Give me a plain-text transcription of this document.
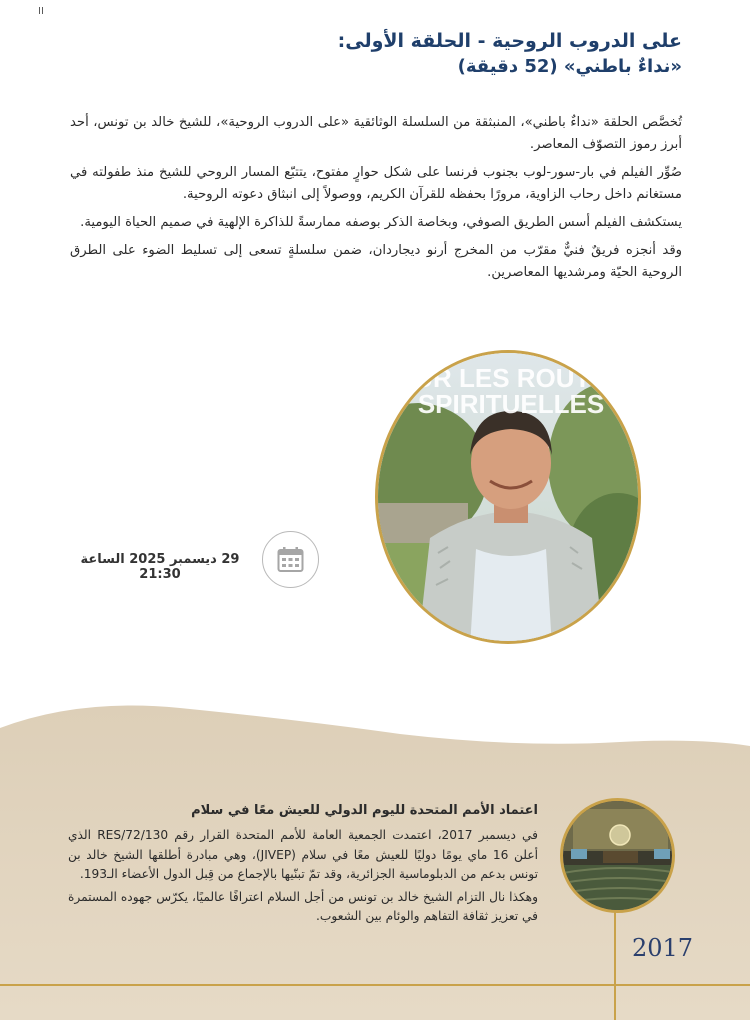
II
على الدروب الروحية - الحلقة الأولى:
«نداءٌ باطني» (52 دقيقة)

تُخصَّص الحلقة «نداءٌ باطني»، المنبثقة من السلسلة الوثائقية «على الدروب الروحية»، للشيخ خالد بن تونس، أحد أبرز رموز التصوّف المعاصر.

صُوِّر الفيلم في بار-سور-لوب بجنوب فرنسا على شكل حوارٍ مفتوح، يتتبّع المسار الروحي للشيخ منذ طفولته في مستغانم داخل رحاب الزاوية، مرورًا بحفظه للقرآن الكريم، ووصولاً إلى انبثاق دعوته الروحية.

يستكشف الفيلم أسس الطريق الصوفي، وبخاصة الذكر بوصفه ممارسةً للذاكرة الإلهية في صميم الحياة اليومية.

وقد أنجزه فريقٌ فنيٌّ مقرّب من المخرج أرنو ديجاردان، ضمن سلسلةٍ تسعى إلى تسليط الضوء على الطرق الروحية الحيّة ومرشديها المعاصرين.

UR LES ROUTE
SPIRITUELLES
29 ديسمبر 2025 الساعة 21:30
اعتماد الأمم المتحدة لليوم الدولي للعيش معًا في سلام

في ديسمبر 2017، اعتمدت الجمعية العامة للأمم المتحدة القرار رقم RES/72/130 الذي أعلن 16 ماي يومًا دوليًا للعيش معًا في سلام (JIVEP)، وهي مبادرة أطلقها الشيخ خالد بن تونس بدعم من الدبلوماسية الجزائرية، وقد تمّ تبنّيها بالإجماع من قِبل الدول الأعضاء الـ193.

وهكذا نال التزام الشيخ خالد بن تونس من أجل السلام اعترافًا عالميًا، يكرّس جهوده المستمرة في تعزيز ثقافة التفاهم والوئام بين الشعوب.

2017
